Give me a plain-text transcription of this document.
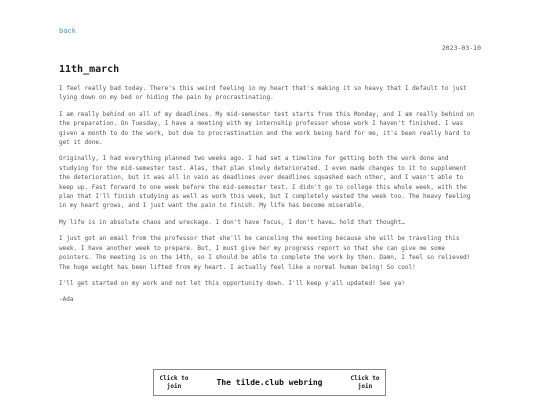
back
2023-03-10
11th_march

I feel really bad today. There's this weird feeling in my heart that's making it so heavy that I default to just lying down on my bed or hiding the pain by procrastinating.

I am really behind on all of my deadlines. My mid-semester test starts from this Monday, and I am really behind on the preparation. On Tuesday, I have a meeting with my internship professor whose work I haven't finished. I was given a month to do the work, but due to procrastination and the work being hard for me, it's been really hard to get it done.

Originally, I had everything planned two weeks ago. I had set a timeline for getting both the work done and studying for the mid-semester test. Alas, that plan slowly deteriorated. I even made changes to it to supplement the deterioration, but it was all in vain as deadlines over deadlines squashed each other, and I wasn't able to keep up. Fast forward to one week before the mid-semester test. I didn't go to college this whole week, with the plan that I'll finish studying as well as work this week, but I completely wasted the week too. The heavy feeling in my heart grows, and I just want the pain to finish. My life has become miserable.

My life is in absolute chaos and wreckage. I don't have focus, I don't have… hold that thought…

I just got an email from the professor that she'll be canceling the meeting because she will be traveling this week. I have another week to prepare. But, I must give her my progress report so that she can give me some pointers. The meeting is on the 14th, so I should be able to complete the work by then. Damn, I feel so relieved! The huge weight has been lifted from my heart. I actually feel like a normal human being! So cool!

I'll get started on my work and not let this opportunity down. I'll keep y'all updated! See ya!

-Ada

Click to join	The tilde.club webring	Click to join
